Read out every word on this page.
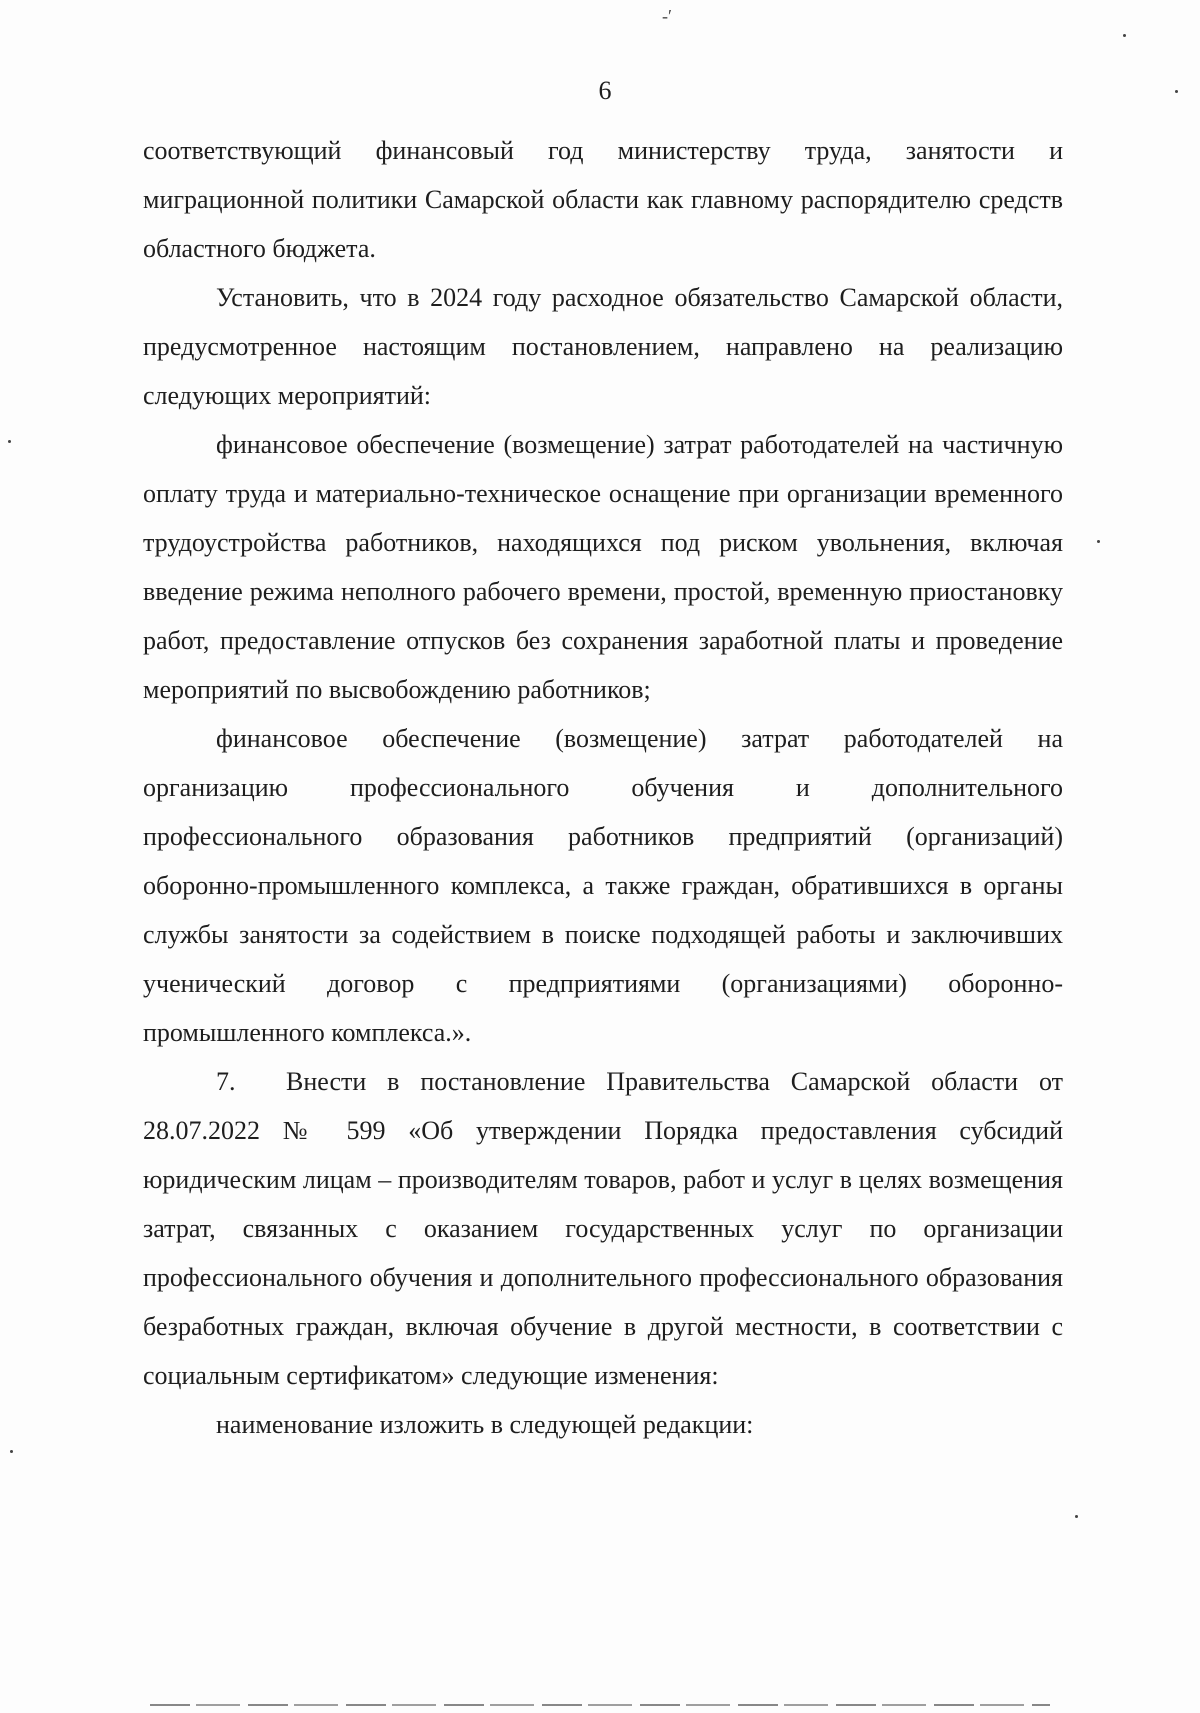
-′
6

соответствующий финансовый год министерству труда, занятости и миграционной политики Самарской области как главному распорядителю средств областного бюджета.

Установить, что в 2024 году расходное обязательство Самарской области, предусмотренное настоящим постановлением, направлено на реализацию следующих мероприятий:

финансовое обеспечение (возмещение) затрат работодателей на частичную оплату труда и материально-техническое оснащение при организации временного трудоустройства работников, находящихся под риском увольнения, включая введение режима неполного рабочего времени, простой, временную приостановку работ, предоставление отпусков без сохранения заработной платы и проведение мероприятий по высвобождению работников;

финансовое обеспечение (возмещение) затрат работодателей на организацию профессионального обучения и дополнительного профессионального образования работников предприятий (организаций) оборонно-промышленного комплекса, а также граждан, обратившихся в органы службы занятости за содействием в поиске подходящей работы и заключивших ученический договор с предприятиями (организациями) оборонно-промышленного комплекса.».

7. Внести в постановление Правительства Самарской области от 28.07.2022 № 599 «Об утверждении Порядка предоставления субсидий юридическим лицам – производителям товаров, работ и услуг в целях возмещения затрат, связанных с оказанием государственных услуг по организации профессионального обучения и дополнительного профессионального образования безработных граждан, включая обучение в другой местности, в соответствии с социальным сертификатом» следующие изменения:

наименование изложить в следующей редакции:
